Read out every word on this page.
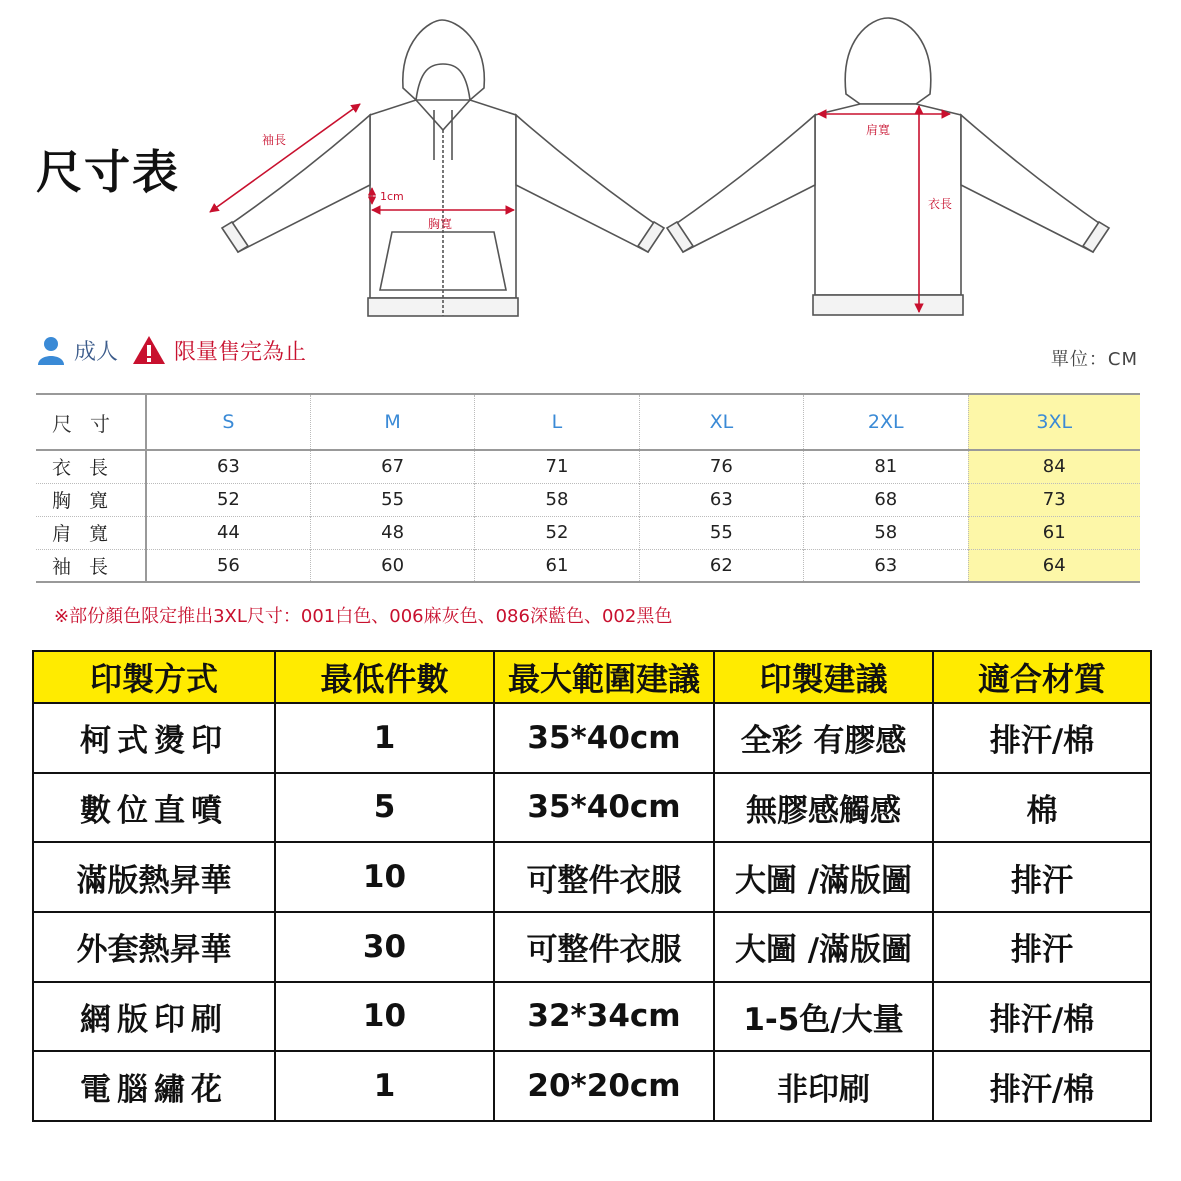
尺寸表
袖長
1cm
胸寬
肩寬
衣長
成人	限量售完為止	單位：CM
尺寸	S	M	L	XL	2XL	3XL
衣長	63	67	71	76	81	84
胸寬	52	55	58	63	68	73
肩寬	44	48	52	55	58	61
袖長	56	60	61	62	63	64
※部份顏色限定推出3XL尺寸：001白色、006麻灰色、086深藍色、002黑色
印製方式	最低件數	最大範圍建議	印製建議	適合材質
柯式燙印	1	35*40cm	全彩 有膠感	排汗/棉
數位直噴	5	35*40cm	無膠感觸感	棉
滿版熱昇華	10	可整件衣服	大圖 /滿版圖	排汗
外套熱昇華	30	可整件衣服	大圖 /滿版圖	排汗
網版印刷	10	32*34cm	1-5色/大量	排汗/棉
電腦繡花	1	20*20cm	非印刷	排汗/棉
